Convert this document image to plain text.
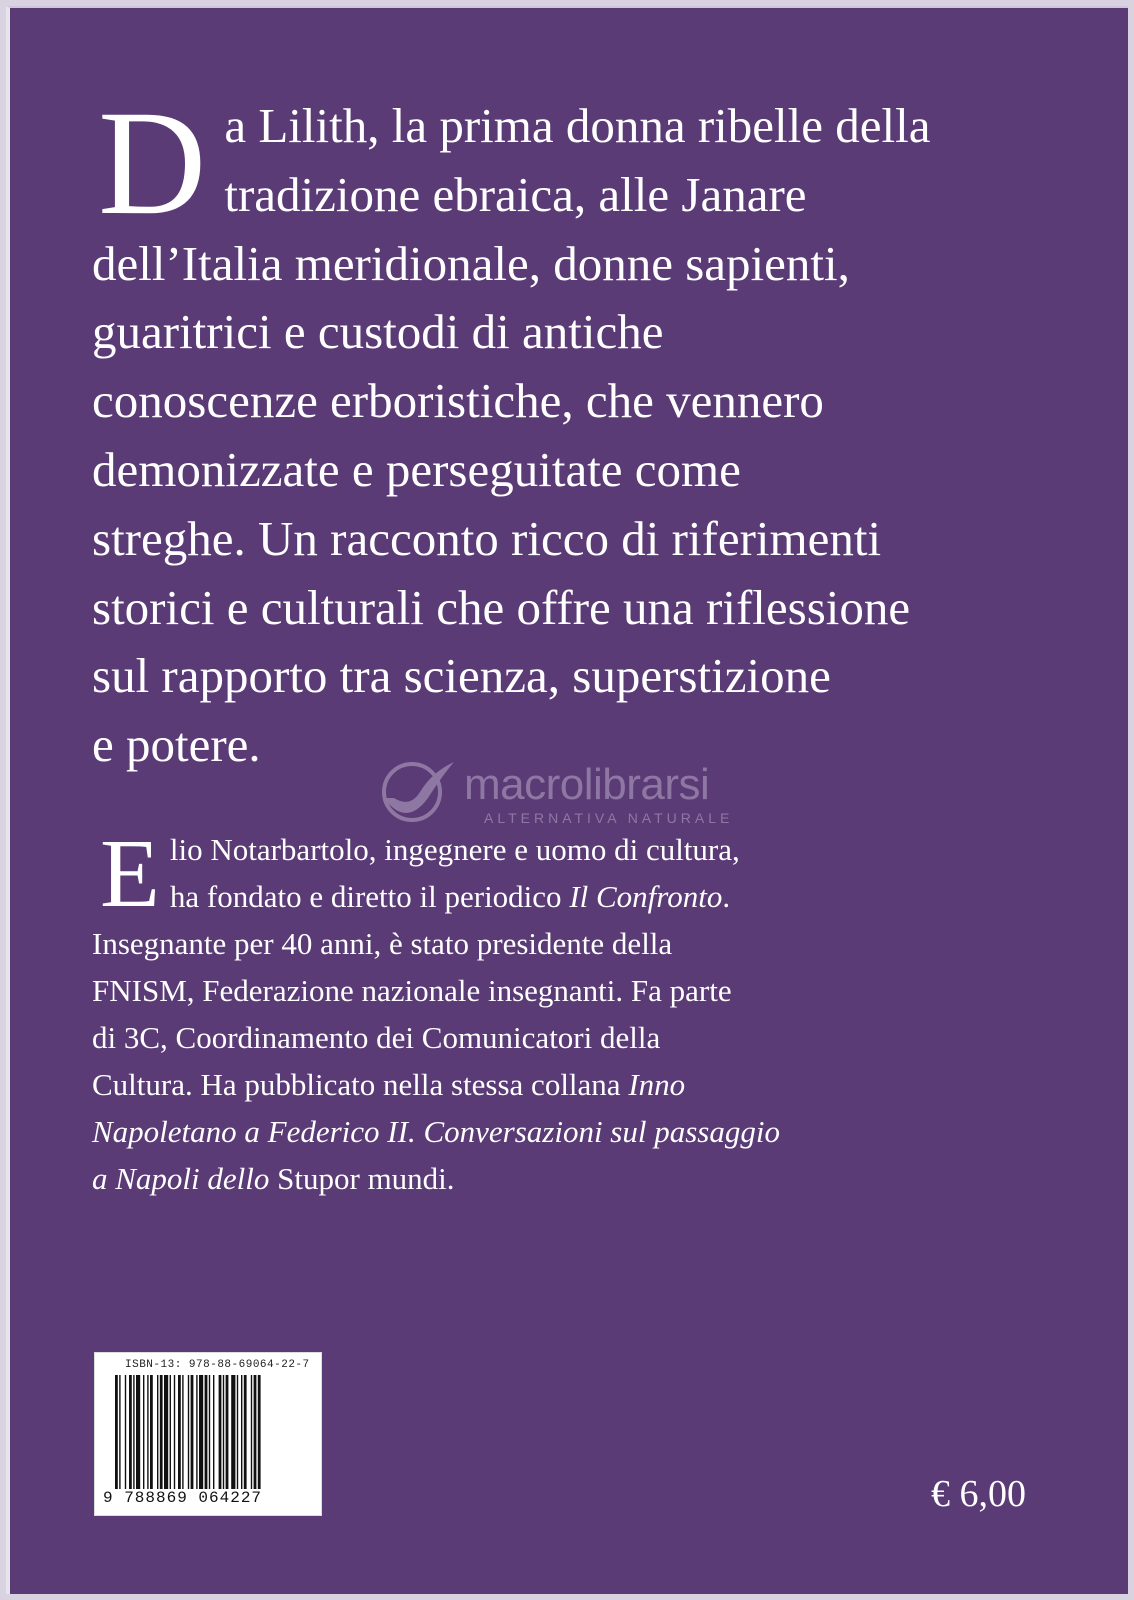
D a Lilith, la prima donna ribelle della
tradizione ebraica, alle Janare
dell’Italia meridionale, donne sapienti,
guaritrici e custodi di antiche
conoscenze erboristiche, che vennero
demonizzate e perseguitate come
streghe. Un racconto ricco di riferimenti
storici e culturali che offre una riflessione
sul rapporto tra scienza, superstizione
e potere.
macrolibrarsi
ALTERNATIVA NATURALE
E lio Notarbartolo, ingegnere e uomo di cultura,
ha fondato e diretto il periodico Il Confronto.
Insegnante per 40 anni, è stato presidente della
FNISM, Federazione nazionale insegnanti. Fa parte
di 3C, Coordinamento dei Comunicatori della
Cultura. Ha pubblicato nella stessa collana Inno
Napoletano a Federico II. Conversazioni sul passaggio
a Napoli dello Stupor mundi.
ISBN-13: 978-88-69064-22-7
9 788869 064227	€ 6,00
